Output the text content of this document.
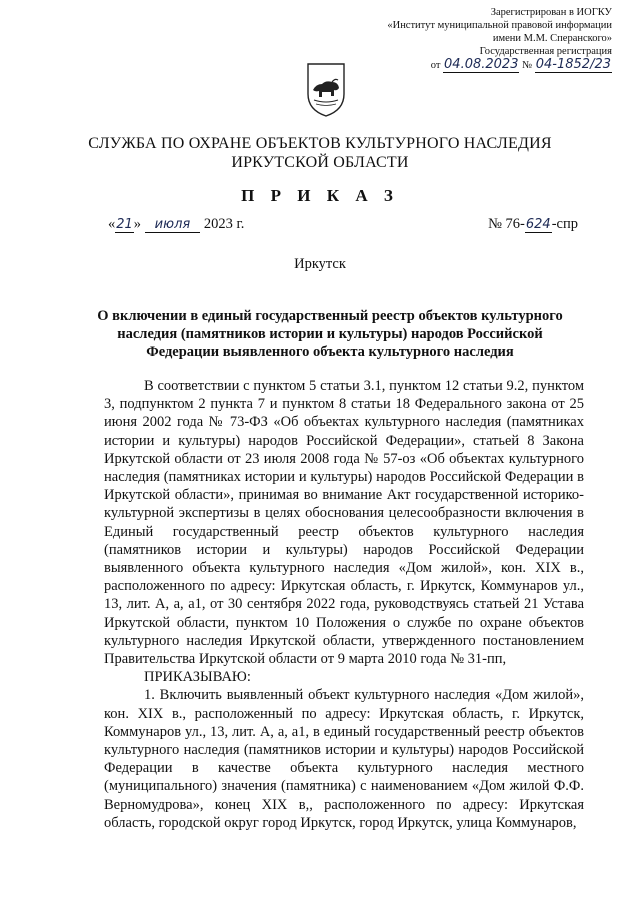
Зарегистрирован в ИОГКУ
«Институт муниципальной правовой информации
имени М.М. Сперанского»
Государственная регистрация
от 04.08.2023 № 04-1852/23
СЛУЖБА ПО ОХРАНЕ ОБЪЕКТОВ КУЛЬТУРНОГО НАСЛЕДИЯ
ИРКУТСКОЙ ОБЛАСТИ
П Р И К А З
«21» июля 2023 г.	№ 76-624-спр
Иркутск
О включении в единый государственный реестр объектов культурного наследия (памятников истории и культуры) народов Российской Федерации выявленного объекта культурного наследия

В соответствии с пунктом 5 статьи 3.1, пунктом 12 статьи 9.2, пунктом 3, подпунктом 2 пункта 7 и пунктом 8 статьи 18 Федерального закона от 25 июня 2002 года № 73-ФЗ «Об объектах культурного наследия (памятниках истории и культуры) народов Российской Федерации», статьей 8 Закона Иркутской области от 23 июля 2008 года № 57-оз «Об объектах культурного наследия (памятниках истории и культуры) народов Российской Федерации в Иркутской области», принимая во внимание Акт государственной историко-культурной экспертизы в целях обоснования целесообразности включения в Единый государственный реестр объектов культурного наследия (памятников истории и культуры) народов Российской Федерации выявленного объекта культурного наследия «Дом жилой», кон. XIX в., расположенного по адресу: Иркутская область, г. Иркутск, Коммунаров ул., 13, лит. А, а, а1, от 30 сентября 2022 года, руководствуясь статьей 21 Устава Иркутской области, пунктом 10 Положения о службе по охране объектов культурного наследия Иркутской области, утвержденного постановлением Правительства Иркутской области от 9 марта 2010 года № 31-пп,

ПРИКАЗЫВАЮ:

1. Включить выявленный объект культурного наследия «Дом жилой», кон. XIX в., расположенный по адресу: Иркутская область, г. Иркутск, Коммунаров ул., 13, лит. А, а, а1, в единый государственный реестр объектов культурного наследия (памятников истории и культуры) народов Российской Федерации в качестве объекта культурного наследия местного (муниципального) значения (памятника) с наименованием «Дом жилой Ф.Ф. Верномудрова», конец XIX в,, расположенного по адресу: Иркутская область, городской округ город Иркутск, город Иркутск, улица Коммунаров,
